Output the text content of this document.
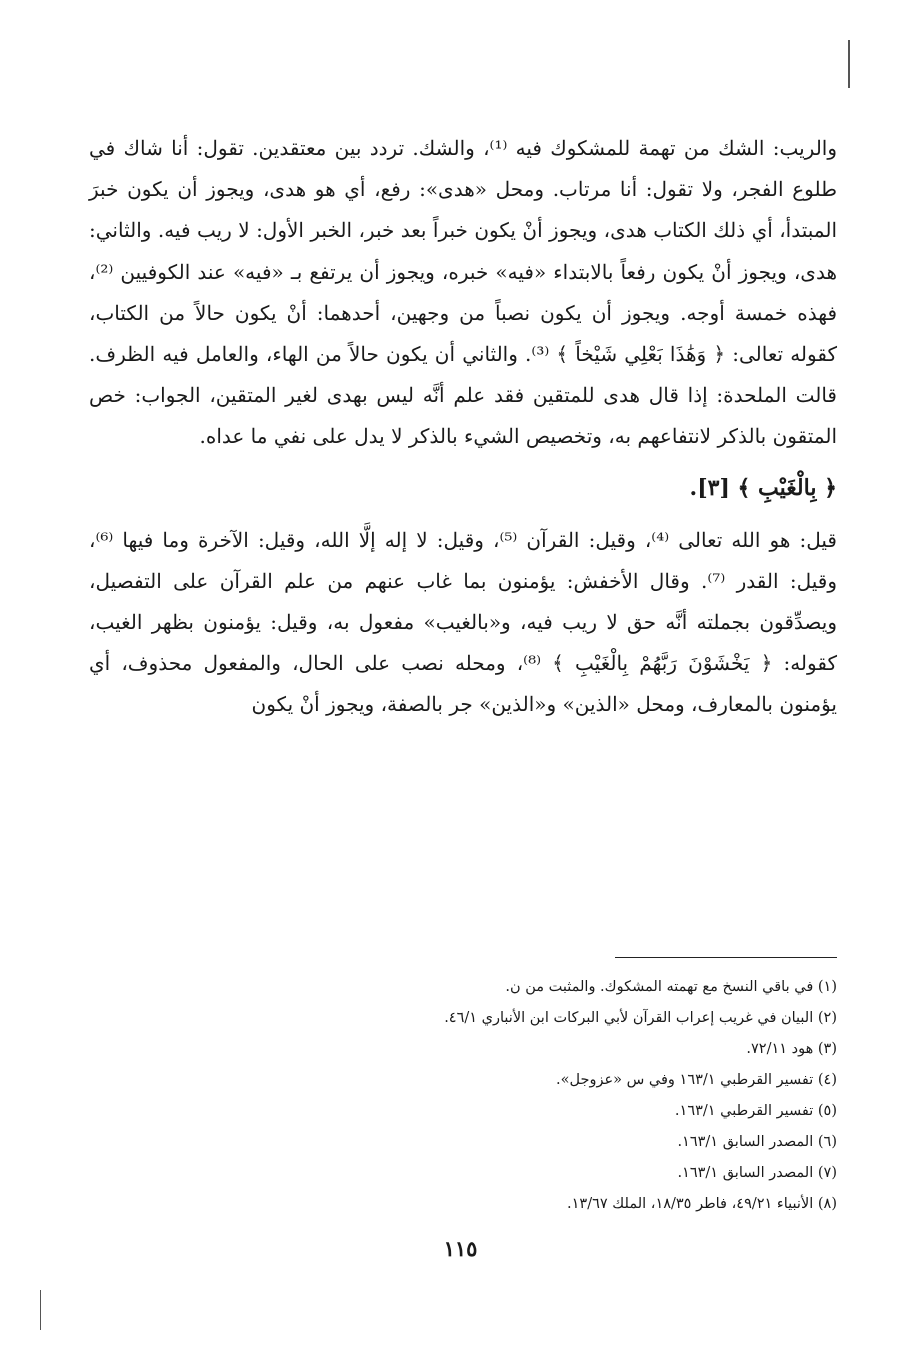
والريب: الشك من تهمة للمشكوك فيه ⁽¹⁾، والشك. تردد بين معتقدين. تقول: أنا شاك في طلوع الفجر، ولا تقول: أنا مرتاب. ومحل «هدى»: رفع، أي هو هدى، ويجوز أن يكون خبرَ المبتدأ، أي ذلك الكتاب هدى، ويجوز أنْ يكون خبراً بعد خبر، الخبر الأول: لا ريب فيه. والثاني: هدى، ويجوز أنْ يكون رفعاً بالابتداء «فيه» خبره، ويجوز أن يرتفع بـ «فيه» عند الكوفيين ⁽²⁾، فهذه خمسة أوجه. ويجوز أن يكون نصباً من وجهين، أحدهما: أنْ يكون حالاً من الكتاب، كقوله تعالى: ﴿ وَهَٰذَا بَعْلِي شَيْخاً ﴾ ⁽³⁾. والثاني أن يكون حالاً من الهاء، والعامل فيه الظرف. قالت الملحدة: إذا قال هدى للمتقين فقد علم أنَّه ليس بهدى لغير المتقين، الجواب: خص المتقون بالذكر لانتفاعهم به، وتخصيص الشيء بالذكر لا يدل على نفي ما عداه.

﴿ بِالْغَيْبِ ﴾ [٣].

قيل: هو الله تعالى ⁽⁴⁾، وقيل: القرآن ⁽⁵⁾، وقيل: لا إله إلَّا الله، وقيل: الآخرة وما فيها ⁽⁶⁾، وقيل: القدر ⁽⁷⁾. وقال الأخفش: يؤمنون بما غاب عنهم من علم القرآن على التفصيل، ويصدِّقون بجملته أنَّه حق لا ريب فيه، و«بالغيب» مفعول به، وقيل: يؤمنون بظهر الغيب، كقوله: ﴿ يَخْشَوْنَ رَبَّهُمْ بِالْغَيْبِ ﴾ ⁽⁸⁾، ومحله نصب على الحال، والمفعول محذوف، أي يؤمنون بالمعارف، ومحل «الذين» و«الذين» جر بالصفة، ويجوز أنْ يكون

(١) في باقي النسخ مع تهمته المشكوك. والمثبت من ن.
(٢) البيان في غريب إعراب القرآن لأبي البركات ابن الأنباري ٤٦/١.
(٣) هود ٧٢/١١.
(٤) تفسير القرطبي ١٦٣/١ وفي س «عزوجل».
(٥) تفسير القرطبي ١٦٣/١.
(٦) المصدر السابق ١٦٣/١.
(٧) المصدر السابق ١٦٣/١.
(٨) الأنبياء ٤٩/٢١، فاطر ١٨/٣٥، الملك ١٣/٦٧.
١١٥
